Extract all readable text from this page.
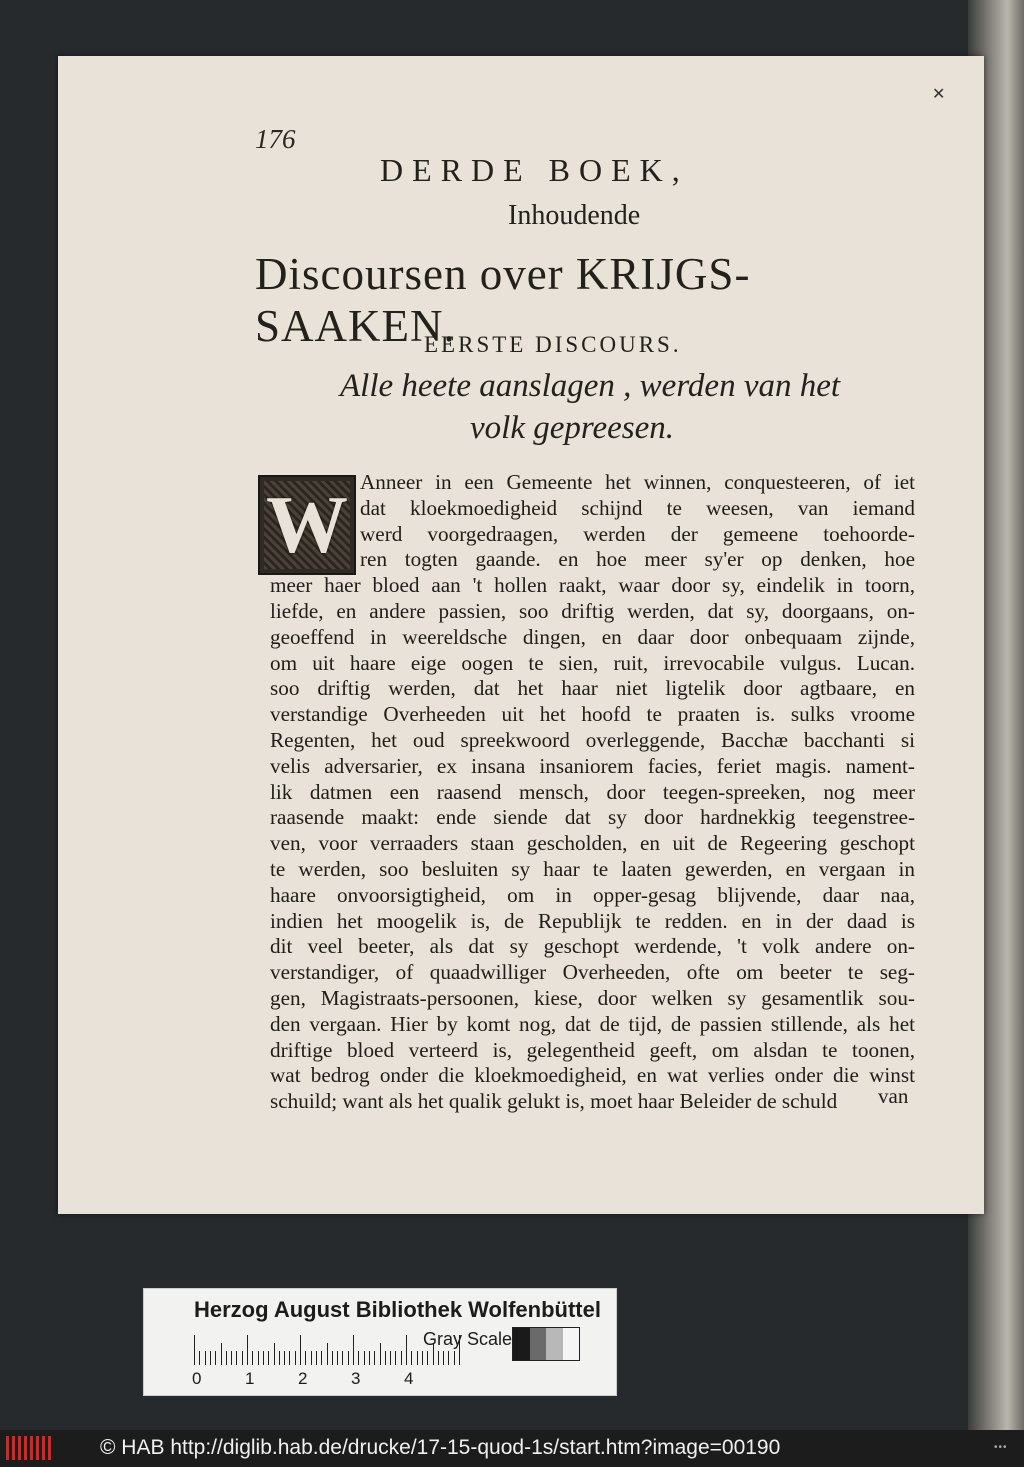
✕
176
DERDE BOEK,
Inhoudende
Discoursen over KRIJGS-SAAKEN.
EERSTE DISCOURS.
Alle heete aanslagen , werden van het
volk gepreesen.
W Anneer in een Gemeente het winnen, conquesteeren, of iet
dat kloekmoedigheid schijnd te weesen, van iemand
werd voorgedraagen, werden der gemeene toehoorde-
ren togten gaande. en hoe meer sy'er op denken, hoe
meer haer bloed aan 't hollen raakt, waar door sy, eindelik in toorn,
liefde, en andere passien, soo driftig werden, dat sy, doorgaans, on-
geoeffend in weereldsche dingen, en daar door onbequaam zijnde,
om uit haare eige oogen te sien, ruit, irrevocabile vulgus. Lucan.
soo driftig werden, dat het haar niet ligtelik door agtbaare, en
verstandige Overheeden uit het hoofd te praaten is. sulks vroome
Regenten, het oud spreekwoord overleggende, Bacchæ bacchanti si
velis adversarier, ex insana insaniorem facies, feriet magis. nament-
lik datmen een raasend mensch, door teegen-spreeken, nog meer
raasende maakt: ende siende dat sy door hardnekkig teegenstree-
ven, voor verraaders staan gescholden, en uit de Regeering geschopt
te werden, soo besluiten sy haar te laaten gewerden, en vergaan in
haare onvoorsigtigheid, om in opper-gesag blijvende, daar naa,
indien het moogelik is, de Republijk te redden. en in der daad is
dit veel beeter, als dat sy geschopt werdende, 't volk andere on-
verstandiger, of quaadwilliger Overheeden, ofte om beeter te seg-
gen, Magistraats-persoonen, kiese, door welken sy gesamentlik sou-
den vergaan. Hier by komt nog, dat de tijd, de passien stillende, als het
driftige bloed verteerd is, gelegentheid geeft, om alsdan te toonen,
wat bedrog onder die kloekmoedigheid, en wat verlies onder die winst
schuild; want als het qualik gelukt is, moet haar Beleider de schuld	van
Herzog August Bibliothek Wolfenbüttel
0	1	2	3	4
Gray Scale
© HAB http://diglib.hab.de/drucke/17-15-quod-1s/start.htm?image=00190	•••
